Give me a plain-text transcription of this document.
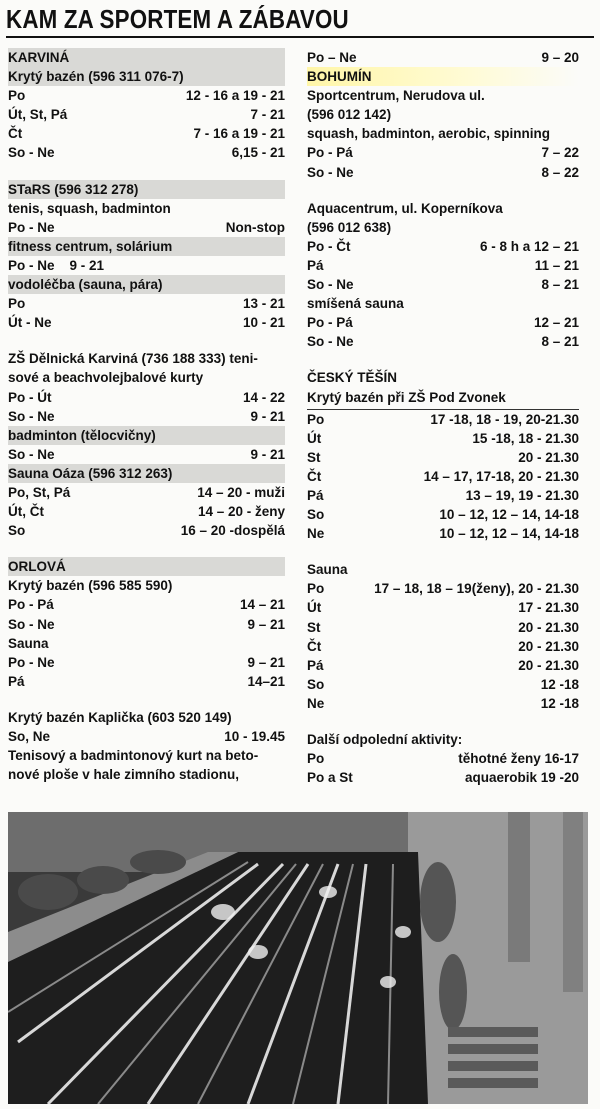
KAM ZA SPORTEM A ZÁBAVOU
KARVINÁ
Krytý bazén (596 311 076-7)
Po	12 - 16 a 19 - 21
Út, St, Pá	7 - 21
Čt	7 - 16 a 19 - 21
So - Ne	6,15 - 21
STaRS (596 312 278)
tenis, squash, badminton
Po - Ne	Non-stop
fitness centrum, solárium
Po - Ne 9 - 21
vodoléčba (sauna, pára)
Po	13 - 21
Út - Ne	10 - 21
ZŠ Dělnická Karviná (736 188 333) teni-
sové a beachvolejbalové kurty
Po - Út	14 - 22
So - Ne	9 - 21
badminton (tělocvičny)
So - Ne	9 - 21
Sauna Oáza (596 312 263)
Po, St, Pá	14 – 20 - muži
Út, Čt	14 – 20 - ženy
So	16 – 20 -dospělá
ORLOVÁ
Krytý bazén (596 585 590)
Po - Pá	14 – 21
So - Ne	9 – 21
Sauna
Po - Ne	9 – 21
Pá	14–21
Krytý bazén Kaplička (603 520 149)
So, Ne	10 - 19.45
Tenisový a badmintonový kurt na beto-
nové ploše v hale zimního stadionu,
Po – Ne	9 – 20
BOHUMÍN
Sportcentrum, Nerudova ul.
(596 012 142)
squash, badminton, aerobic, spinning
Po - Pá	7 – 22
So - Ne	8 – 22
Aquacentrum, ul. Koperníkova
(596 012 638)
Po - Čt	6 - 8 h a 12 – 21
Pá	11 – 21
So - Ne	8 – 21
smíšená sauna
Po - Pá	12 – 21
So - Ne	8 – 21
ČESKÝ TĚŠÍN
Krytý bazén při ZŠ Pod Zvonek
Po	17 -18, 18 - 19, 20-21.30
Út	15 -18, 18 - 21.30
St	20 - 21.30
Čt	14 – 17, 17-18, 20 - 21.30
Pá	13 – 19, 19 - 21.30
So	10 – 12, 12 – 14, 14-18
Ne	10 – 12, 12 – 14, 14-18
Sauna
Po	17 – 18, 18 – 19(ženy), 20 - 21.30
Út	17 - 21.30
St	20 - 21.30
Čt	20 - 21.30
Pá	20 - 21.30
So	12 -18
Ne	12 -18
Další odpolední aktivity:
Po	těhotné ženy 16-17
Po a St	aquaerobik 19 -20
